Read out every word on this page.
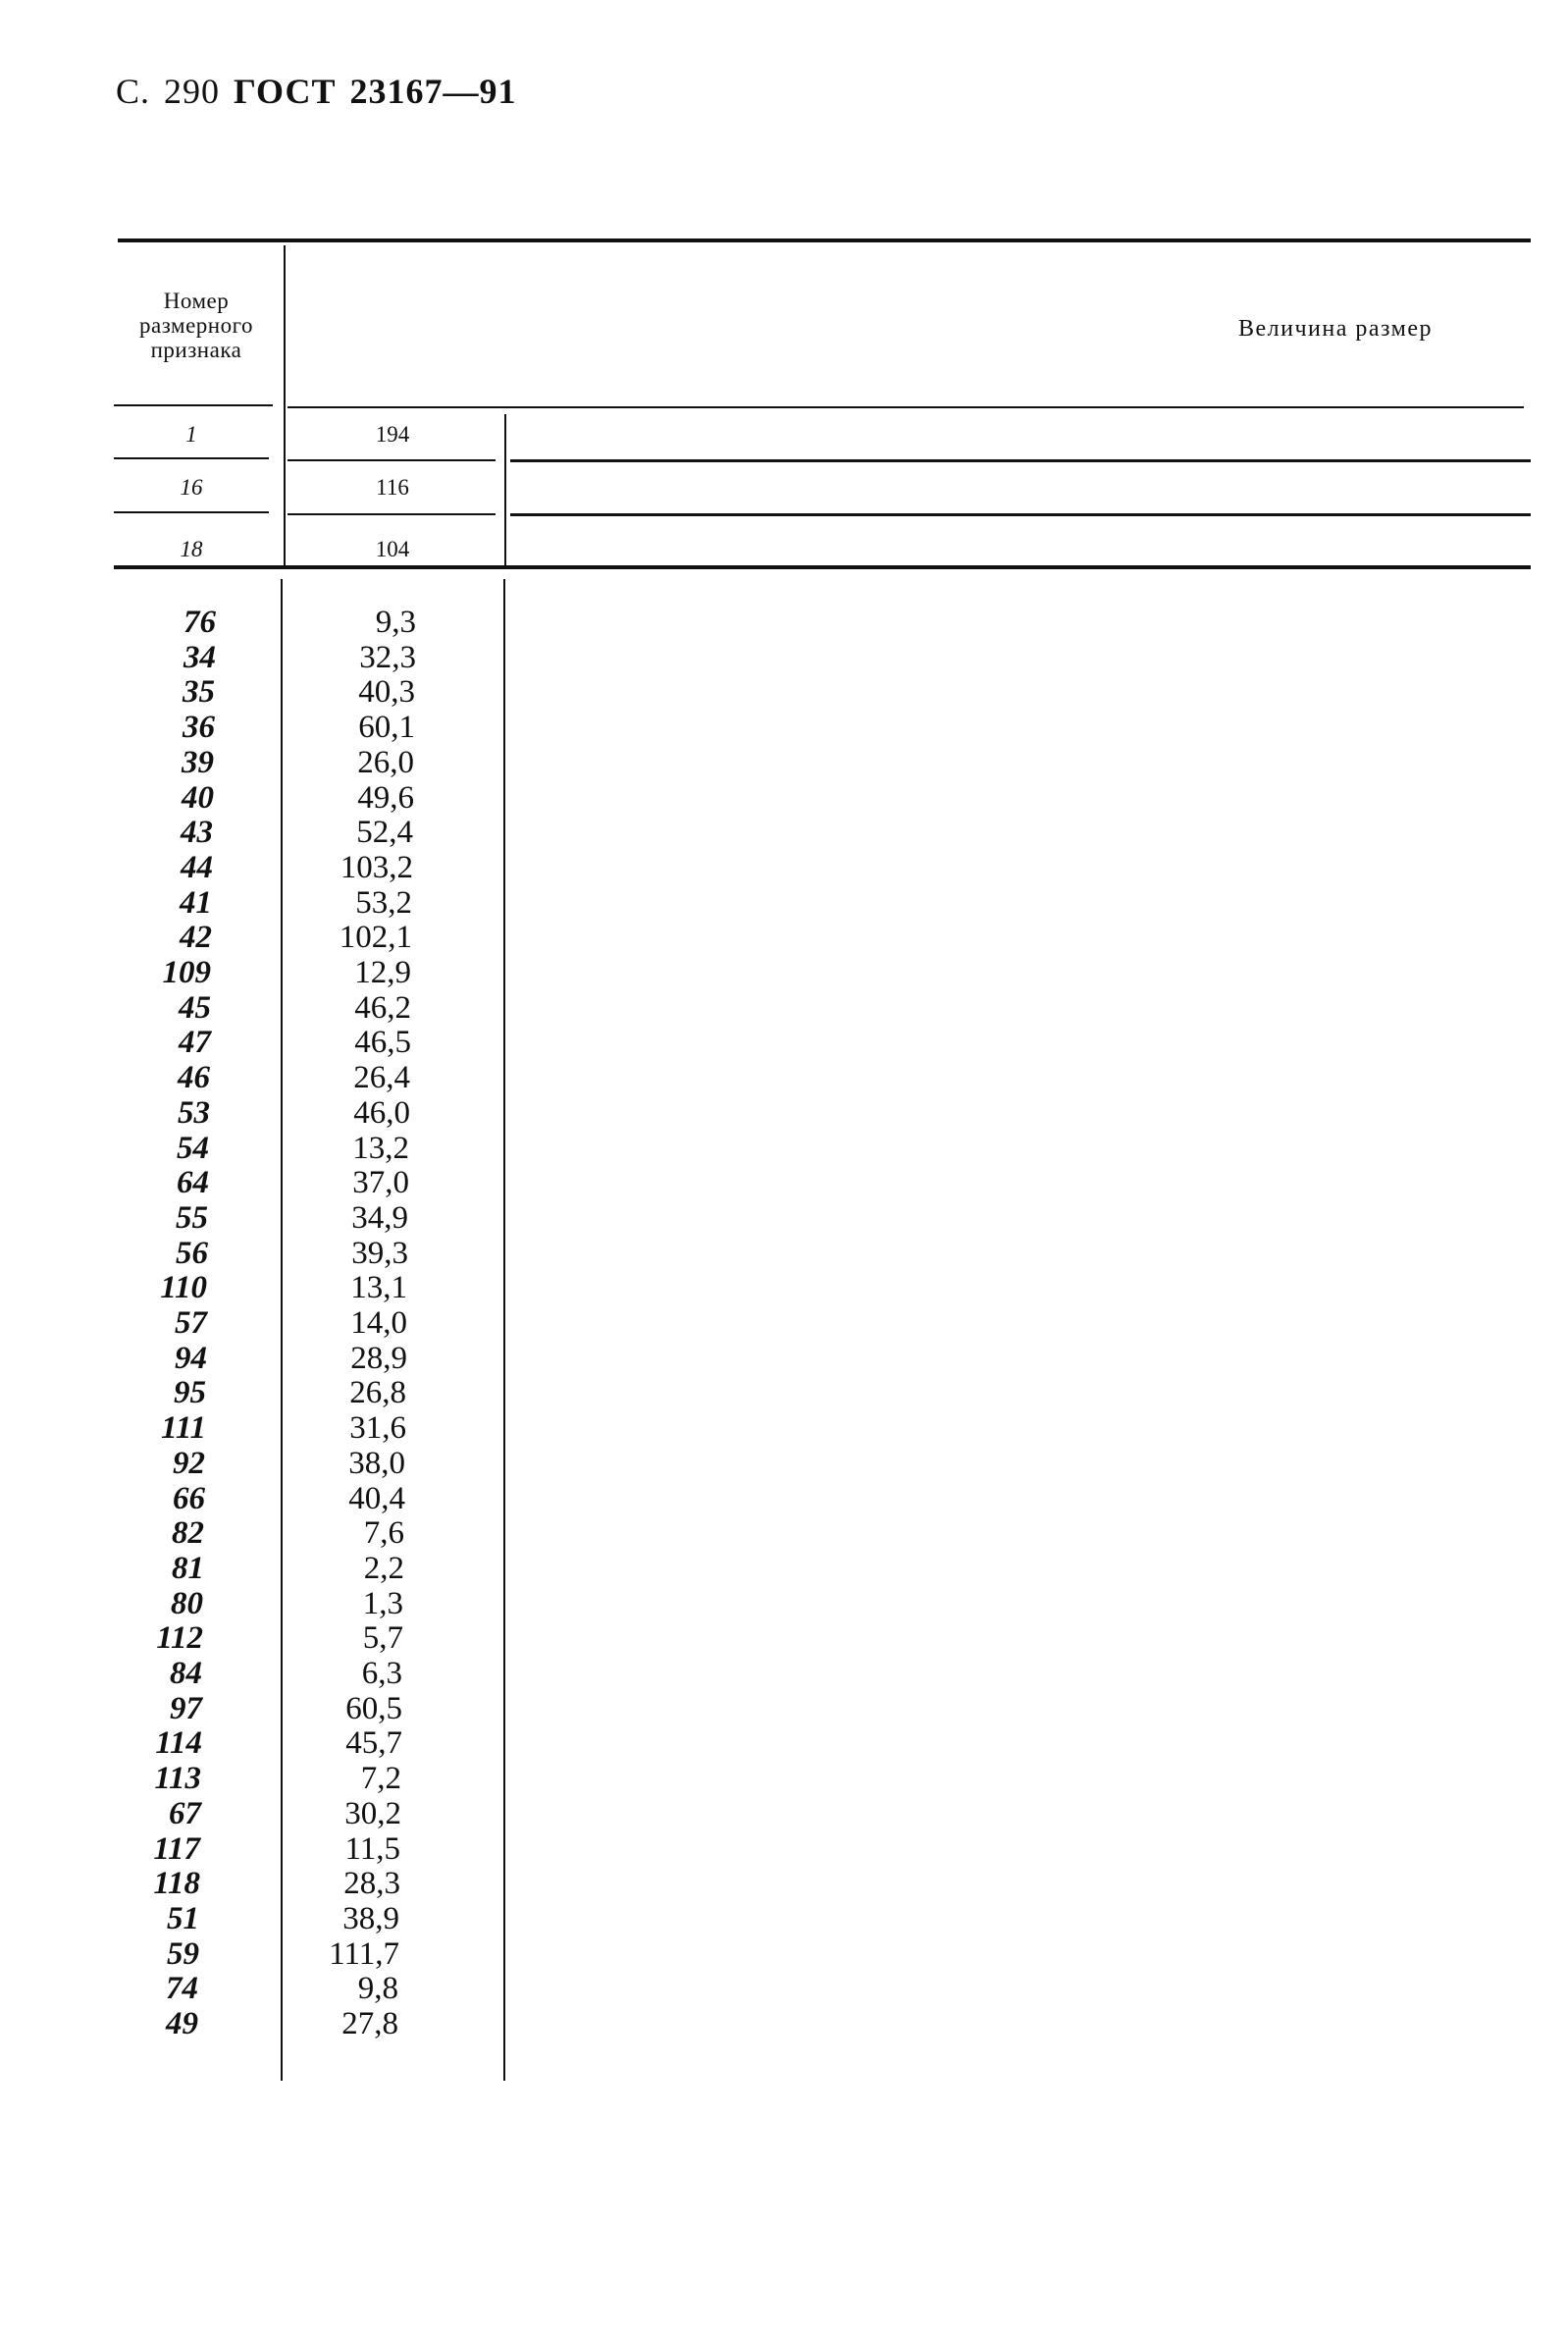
С. 290 ГОСТ 23167—91
Номер
размерного
признака
Величина размер
1	194
16	116
18	104
76	9,3
34	32,3
35	40,3
36	60,1
39	26,0
40	49,6
43	52,4
44	103,2
41	53,2
42	102,1
109	12,9
45	46,2
47	46,5
46	26,4
53	46,0
54	13,2
64	37,0
55	34,9
56	39,3
110	13,1
57	14,0
94	28,9
95	26,8
111	31,6
92	38,0
66	40,4
82	7,6
81	2,2
80	1,3
112	5,7
84	6,3
97	60,5
114	45,7
113	7,2
67	30,2
117	11,5
118	28,3
51	38,9
59	111,7
74	9,8
49	27,8
